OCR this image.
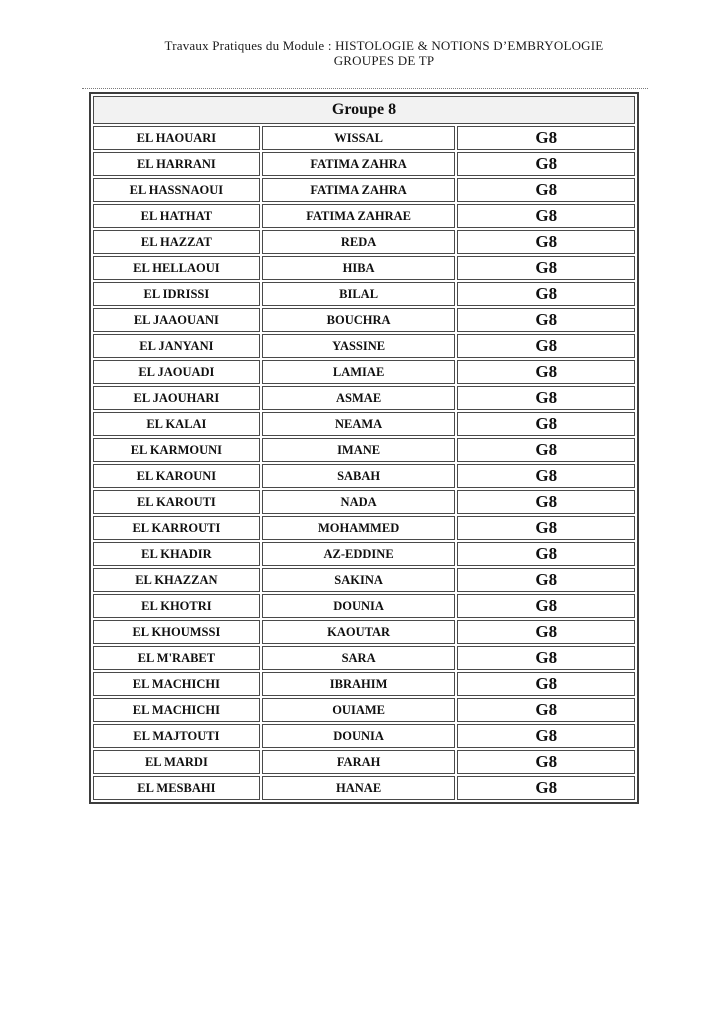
Travaux Pratiques du Module : HISTOLOGIE & NOTIONS D’EMBRYOLOGIE
GROUPES DE TP
Groupe 8		
EL HAOUARI	WISSAL	G8
EL HARRANI	FATIMA ZAHRA	G8
EL HASSNAOUI	FATIMA ZAHRA	G8
EL HATHAT	FATIMA ZAHRAE	G8
EL HAZZAT	REDA	G8
EL HELLAOUI	HIBA	G8
EL IDRISSI	BILAL	G8
EL JAAOUANI	BOUCHRA	G8
EL JANYANI	YASSINE	G8
EL JAOUADI	LAMIAE	G8
EL JAOUHARI	ASMAE	G8
EL KALAI	NEAMA	G8
EL KARMOUNI	IMANE	G8
EL KAROUNI	SABAH	G8
EL KAROUTI	NADA	G8
EL KARROUTI	MOHAMMED	G8
EL KHADIR	AZ-EDDINE	G8
EL KHAZZAN	SAKINA	G8
EL KHOTRI	DOUNIA	G8
EL KHOUMSSI	KAOUTAR	G8
EL M'RABET	SARA	G8
EL MACHICHI	IBRAHIM	G8
EL MACHICHI	OUIAME	G8
EL MAJTOUTI	DOUNIA	G8
EL MARDI	FARAH	G8
EL MESBAHI	HANAE	G8
